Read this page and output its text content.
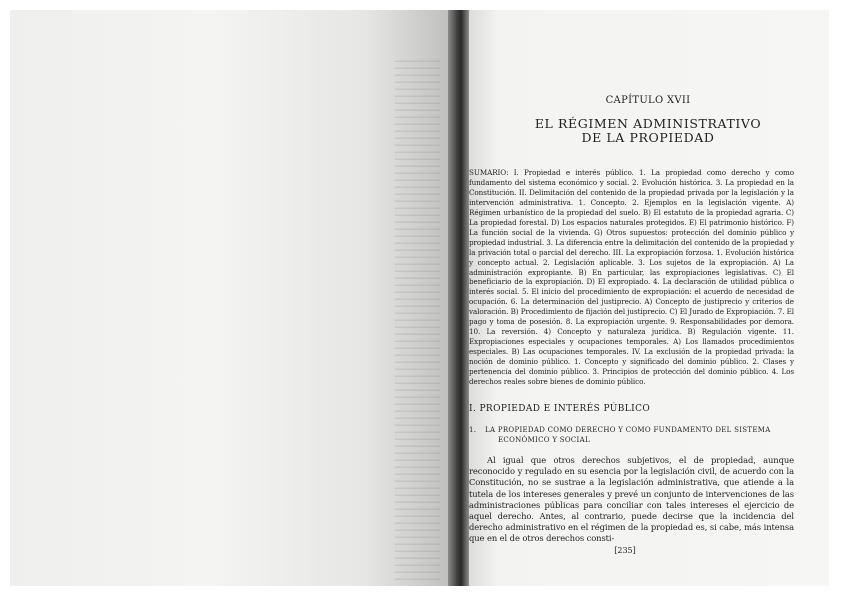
CAPÍTULO XVII
EL RÉGIMEN ADMINISTRATIVO
DE LA PROPIEDAD
SUMARIO: I. Propiedad e interés público. 1. La propiedad como derecho y como fundamento del sistema económico y social. 2. Evolución histórica. 3. La propiedad en la Constitución. II. Delimitación del contenido de la propiedad privada por la legislación y la intervención administrativa. 1. Concepto. 2. Ejemplos en la legislación vigente. A) Régimen urbanístico de la propiedad del suelo. B) El estatuto de la propiedad agraria. C) La propiedad forestal. D) Los espacios naturales protegidos. E) El patrimonio histórico. F) La función social de la vivienda. G) Otros supuestos: protección del dominio público y propiedad industrial. 3. La diferencia entre la delimitación del contenido de la propiedad y la privación total o parcial del derecho. III. La expropiación forzosa. 1. Evolución histórica y concepto actual. 2. Legislación aplicable. 3. Los sujetos de la expropiación. A) La administración expropiante. B) En particular, las expropiaciones legislativas. C) El beneficiario de la expropiación. D) El expropiado. 4. La declaración de utilidad pública o interés social. 5. El inicio del procedimiento de expropiación: el acuerdo de necesidad de ocupación. 6. La determinación del justiprecio. A) Concepto de justiprecio y criterios de valoración. B) Procedimiento de fijación del justiprecio. C) El Jurado de Expropiación. 7. El pago y toma de posesión. 8. La expropiación urgente. 9. Responsabilidades por demora. 10. La reversión. 4) Concepto y naturaleza jurídica. B) Regulación vigente. 11. Expropiaciones especiales y ocupaciones temporales. A) Los llamados procedimientos especiales. B) Las ocupaciones temporales. IV. La exclusión de la propiedad privada: la noción de dominio público. 1. Concepto y significado del dominio público. 2. Clases y pertenencia del dominio público. 3. Principios de protección del dominio público. 4. Los derechos reales sobre bienes de dominio público.
I. PROPIEDAD E INTERÉS PÚBLICO
1. LA PROPIEDAD COMO DERECHO Y COMO FUNDAMENTO DEL SISTEMA
ECONÓMICO Y SOCIAL
Al igual que otros derechos subjetivos, el de propiedad, aunque reconocido y regulado en su esencia por la legislación civil, de acuerdo con la Constitución, no se sustrae a la legislación administrativa, que atiende a la tutela de los intereses generales y prevé un conjunto de intervenciones de las administraciones públicas para conciliar con tales intereses el ejercicio de aquel derecho. Antes, al contrario, puede decirse que la incidencia del derecho administrativo en el régimen de la propiedad es, si cabe, más intensa que en el de otros derechos consti-
[235]
